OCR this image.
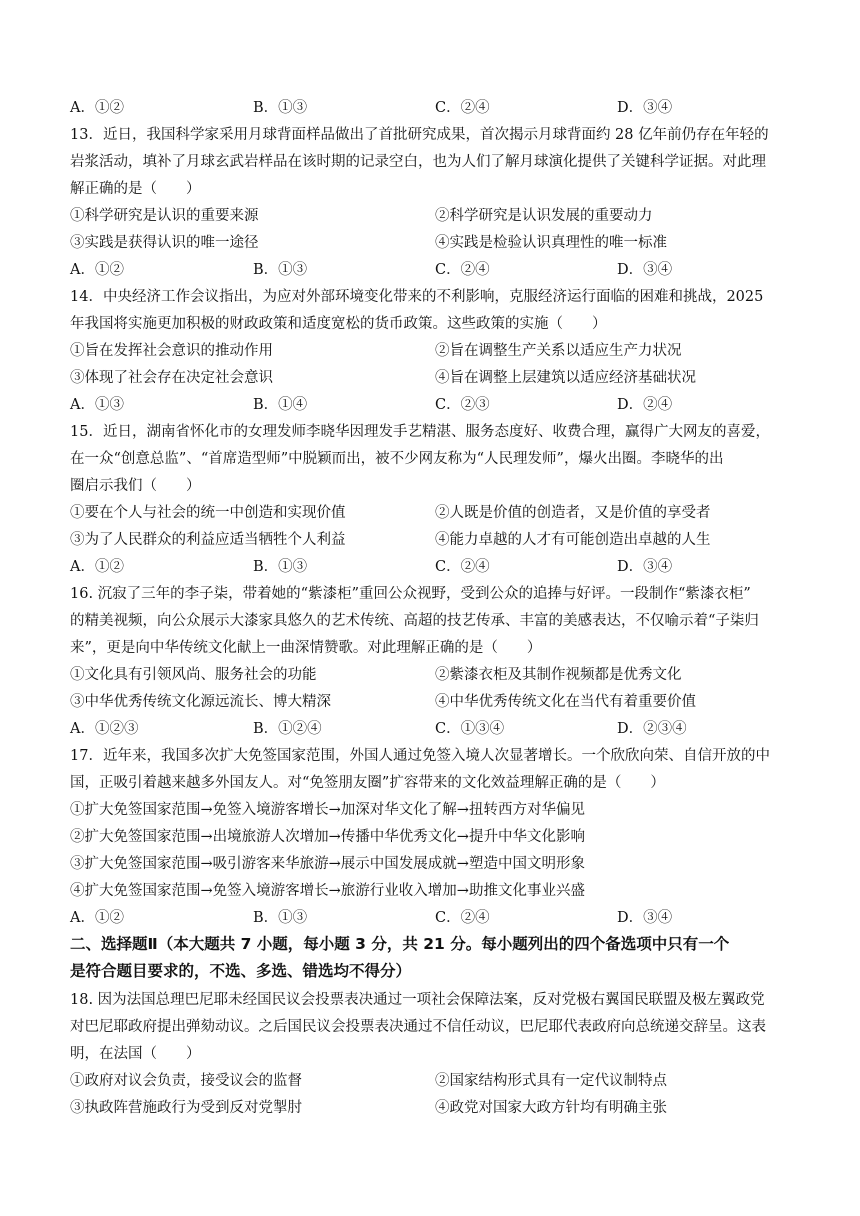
A．①②	B．①③	C．②④	D．③④
13．近日，我国科学家采用月球背面样品做出了首批研究成果，首次揭示月球背面约 28 亿年前仍存在年轻的
岩浆活动，填补了月球玄武岩样品在该时期的记录空白，也为人们了解月球演化提供了关键科学证据。对此理
解正确的是（　　）
①科学研究是认识的重要来源	②科学研究是认识发展的重要动力
③实践是获得认识的唯一途径	④实践是检验认识真理性的唯一标准
A．①②	B．①③	C．②④	D．③④
14．中央经济工作会议指出，为应对外部环境变化带来的不利影响，克服经济运行面临的困难和挑战，2025
年我国将实施更加积极的财政政策和适度宽松的货币政策。这些政策的实施（　　）
①旨在发挥社会意识的推动作用	②旨在调整生产关系以适应生产力状况
③体现了社会存在决定社会意识	④旨在调整上层建筑以适应经济基础状况
A．①③	B．①④	C．②③	D．②④
15．近日，湖南省怀化市的女理发师李晓华因理发手艺精湛、服务态度好、收费合理，赢得广大网友的喜爱，
在一众“创意总监”、“首席造型师”中脱颖而出，被不少网友称为“人民理发师”，爆火出圈。李晓华的出
圈启示我们（　　）
①要在个人与社会的统一中创造和实现价值	②人既是价值的创造者，又是价值的享受者
③为了人民群众的利益应适当牺牲个人利益	④能力卓越的人才有可能创造出卓越的人生
A．①②	B．①③	C．②④	D．③④
16. 沉寂了三年的李子柒，带着她的“紫漆柜”重回公众视野，受到公众的追捧与好评。一段制作“紫漆衣柜”
的精美视频，向公众展示大漆家具悠久的艺术传统、高超的技艺传承、丰富的美感表达，不仅喻示着“子柒归
来”，更是向中华传统文化献上一曲深情赞歌。对此理解正确的是（　　）
①文化具有引领风尚、服务社会的功能	②紫漆衣柜及其制作视频都是优秀文化
③中华优秀传统文化源远流长、博大精深	④中华优秀传统文化在当代有着重要价值
A．①②③	B．①②④	C．①③④	D．②③④
17．近年来，我国多次扩大免签国家范围，外国人通过免签入境人次显著增长。一个欣欣向荣、自信开放的中
国，正吸引着越来越多外国友人。对“免签朋友圈”扩容带来的文化效益理解正确的是（　　）
①扩大免签国家范围→免签入境游客增长→加深对华文化了解→扭转西方对华偏见
②扩大免签国家范围→出境旅游人次增加→传播中华优秀文化→提升中华文化影响
③扩大免签国家范围→吸引游客来华旅游→展示中国发展成就→塑造中国文明形象
④扩大免签国家范围→免签入境游客增长→旅游行业收入增加→助推文化事业兴盛
A．①②	B．①③	C．②④	D．③④
二、选择题Ⅱ（本大题共 7 小题，每小题 3 分，共 21 分。每小题列出的四个备选项中只有一个
是符合题目要求的，不选、多选、错选均不得分）
18. 因为法国总理巴尼耶未经国民议会投票表决通过一项社会保障法案，反对党极右翼国民联盟及极左翼政党
对巴尼耶政府提出弹劾动议。之后国民议会投票表决通过不信任动议，巴尼耶代表政府向总统递交辞呈。这表
明，在法国（　　）
①政府对议会负责，接受议会的监督	②国家结构形式具有一定代议制特点
③执政阵营施政行为受到反对党掣肘	④政党对国家大政方针均有明确主张
